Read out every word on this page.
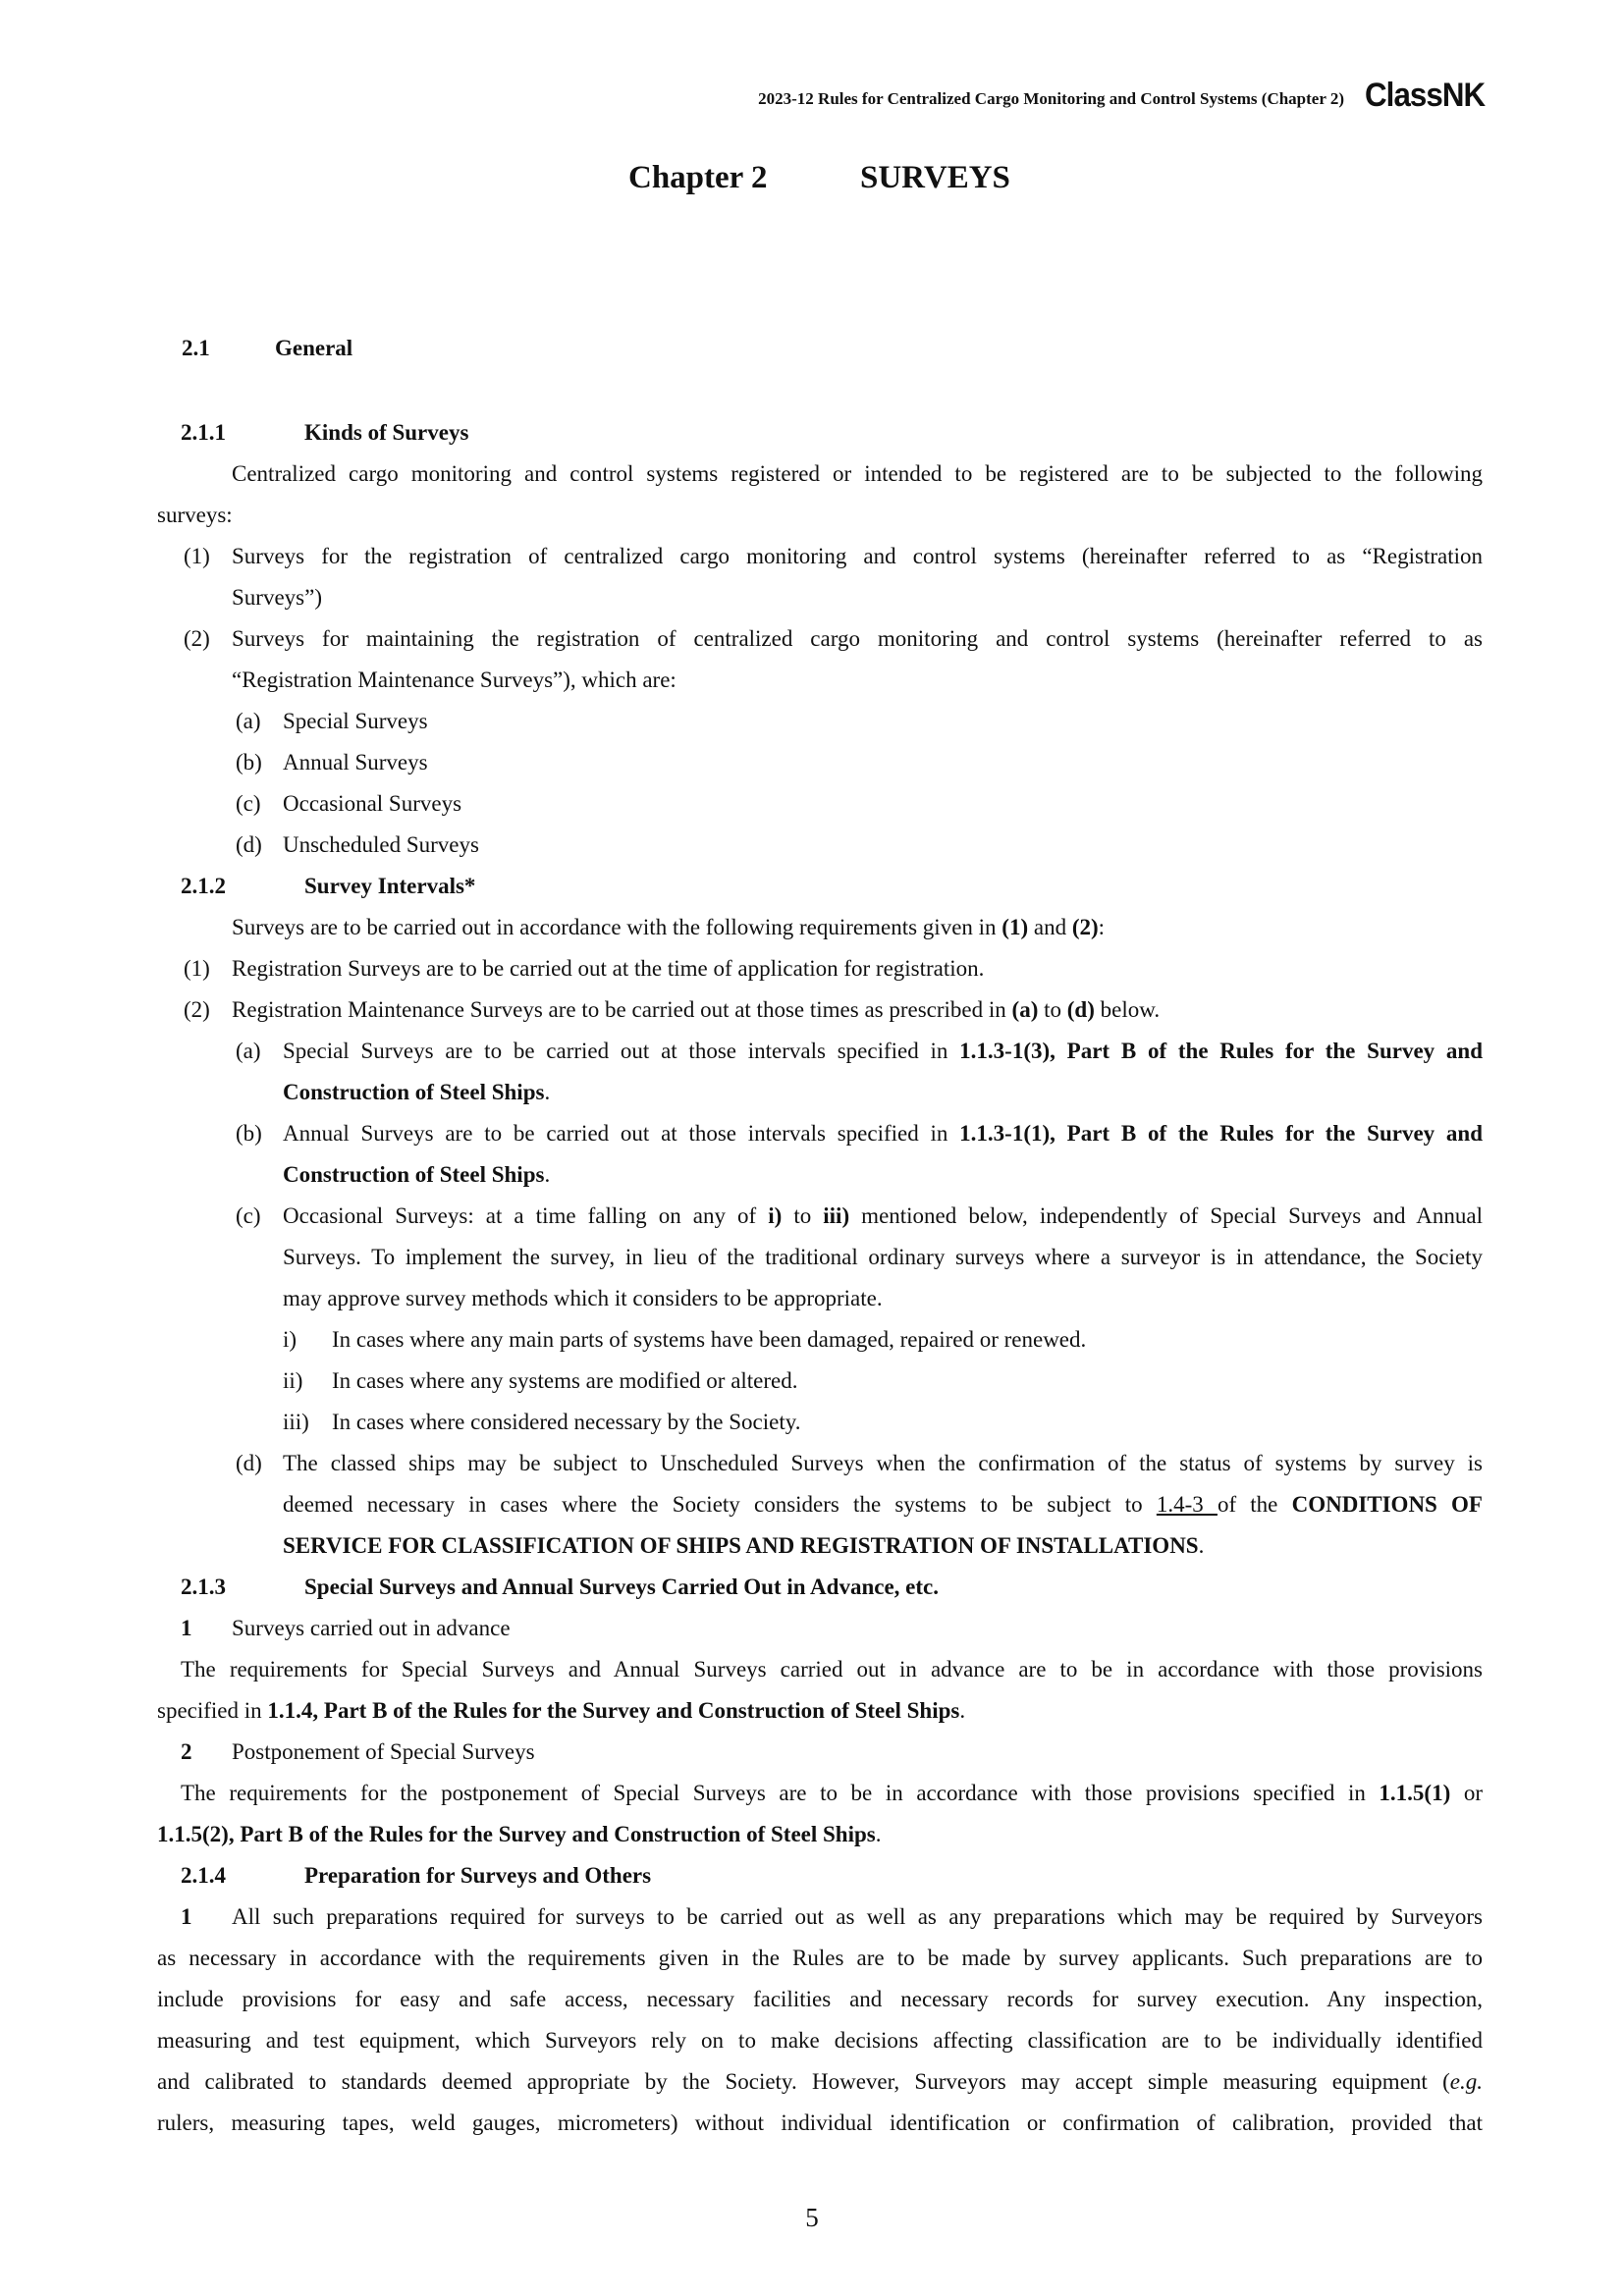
2023-12 Rules for Centralized Cargo Monitoring and Control Systems (Chapter 2) ClassNK
Chapter 2	SURVEYS
2.1	General
2.1.1	Kinds of Surveys
Centralized cargo monitoring and control systems registered or intended to be registered are to be subjected to the following
surveys:
(1) Surveys for the registration of centralized cargo monitoring and control systems (hereinafter referred to as “Registration
Surveys”)
(2) Surveys for maintaining the registration of centralized cargo monitoring and control systems (hereinafter referred to as
“Registration Maintenance Surveys”), which are:
(a) Special Surveys
(b) Annual Surveys
(c) Occasional Surveys
(d) Unscheduled Surveys
2.1.2	Survey Intervals*
Surveys are to be carried out in accordance with the following requirements given in (1) and (2):
(1) Registration Surveys are to be carried out at the time of application for registration.
(2) Registration Maintenance Surveys are to be carried out at those times as prescribed in (a) to (d) below.
(a) Special Surveys are to be carried out at those intervals specified in 1.1.3-1(3), Part B of the Rules for the Survey and
Construction of Steel Ships.
(b) Annual Surveys are to be carried out at those intervals specified in 1.1.3-1(1), Part B of the Rules for the Survey and
Construction of Steel Ships.
(c) Occasional Surveys: at a time falling on any of i) to iii) mentioned below, independently of Special Surveys and Annual
Surveys. To implement the survey, in lieu of the traditional ordinary surveys where a surveyor is in attendance, the Society
may approve survey methods which it considers to be appropriate.
i) In cases where any main parts of systems have been damaged, repaired or renewed.
ii) In cases where any systems are modified or altered.
iii) In cases where considered necessary by the Society.
(d) The classed ships may be subject to Unscheduled Surveys when the confirmation of the status of systems by survey is
deemed necessary in cases where the Society considers the systems to be subject to 1.4-3 of the CONDITIONS OF
SERVICE FOR CLASSIFICATION OF SHIPS AND REGISTRATION OF INSTALLATIONS.
2.1.3	Special Surveys and Annual Surveys Carried Out in Advance, etc.
1 Surveys carried out in advance
The requirements for Special Surveys and Annual Surveys carried out in advance are to be in accordance with those provisions
specified in 1.1.4, Part B of the Rules for the Survey and Construction of Steel Ships.
2 Postponement of Special Surveys
The requirements for the postponement of Special Surveys are to be in accordance with those provisions specified in 1.1.5(1) or
1.1.5(2), Part B of the Rules for the Survey and Construction of Steel Ships.
2.1.4	Preparation for Surveys and Others
1 All such preparations required for surveys to be carried out as well as any preparations which may be required by Surveyors
as necessary in accordance with the requirements given in the Rules are to be made by survey applicants. Such preparations are to
include provisions for easy and safe access, necessary facilities and necessary records for survey execution. Any inspection,
measuring and test equipment, which Surveyors rely on to make decisions affecting classification are to be individually identified
and calibrated to standards deemed appropriate by the Society. However, Surveyors may accept simple measuring equipment (e.g.
rulers, measuring tapes, weld gauges, micrometers) without individual identification or confirmation of calibration, provided that
5
